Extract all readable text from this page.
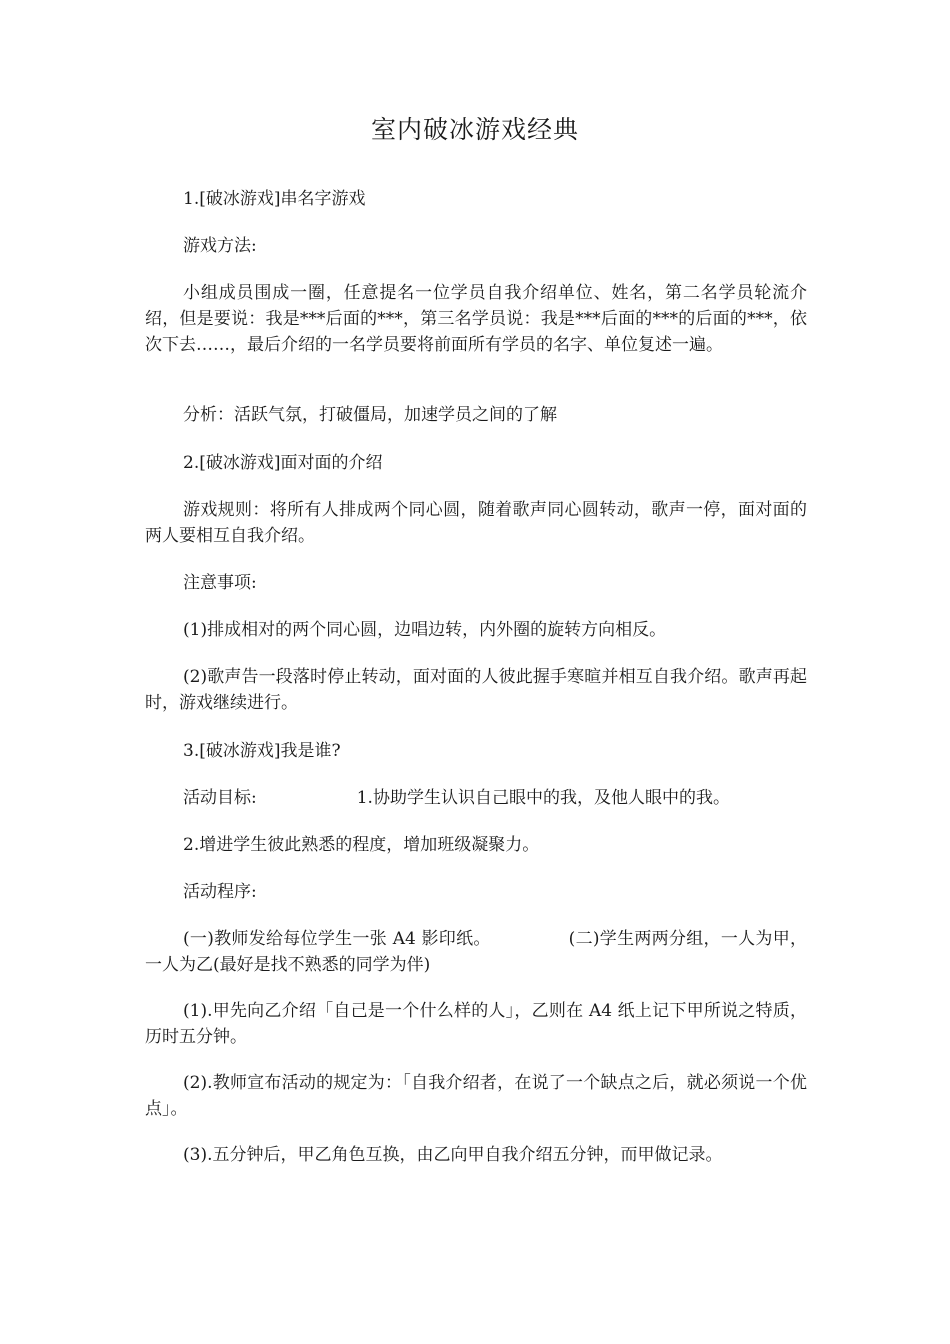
室内破冰游戏经典

1.[破冰游戏]串名字游戏

游戏方法:

小组成员围成一圈，任意提名一位学员自我介绍单位、姓名，第二名学员轮流介绍，但是要说：我是***后面的***，第三名学员说：我是***后面的***的后面的***，依次下去……，最后介绍的一名学员要将前面所有学员的名字、单位复述一遍。

分析：活跃气氛，打破僵局，加速学员之间的了解

2.[破冰游戏]面对面的介绍

游戏规则：将所有人排成两个同心圆，随着歌声同心圆转动，歌声一停，面对面的两人要相互自我介绍。

注意事项:

(1)排成相对的两个同心圆，边唱边转，内外圈的旋转方向相反。

(2)歌声告一段落时停止转动，面对面的人彼此握手寒暄并相互自我介绍。歌声再起时，游戏继续进行。

3.[破冰游戏]我是谁?

活动目标:	1.协助学生认识自己眼中的我，及他人眼中的我。

2.增进学生彼此熟悉的程度，增加班级凝聚力。

活动程序:

(一)教师发给每位学生一张 A4 影印纸。	(二)学生两两分组，一人为甲，一人为乙(最好是找不熟悉的同学为伴)

(1).甲先向乙介绍「自己是一个什么样的人」，乙则在 A4 纸上记下甲所说之特质，历时五分钟。

(2).教师宣布活动的规定为：「自我介绍者，在说了一个缺点之后，就必须说一个优点」。

(3).五分钟后，甲乙角色互换，由乙向甲自我介绍五分钟，而甲做记录。
